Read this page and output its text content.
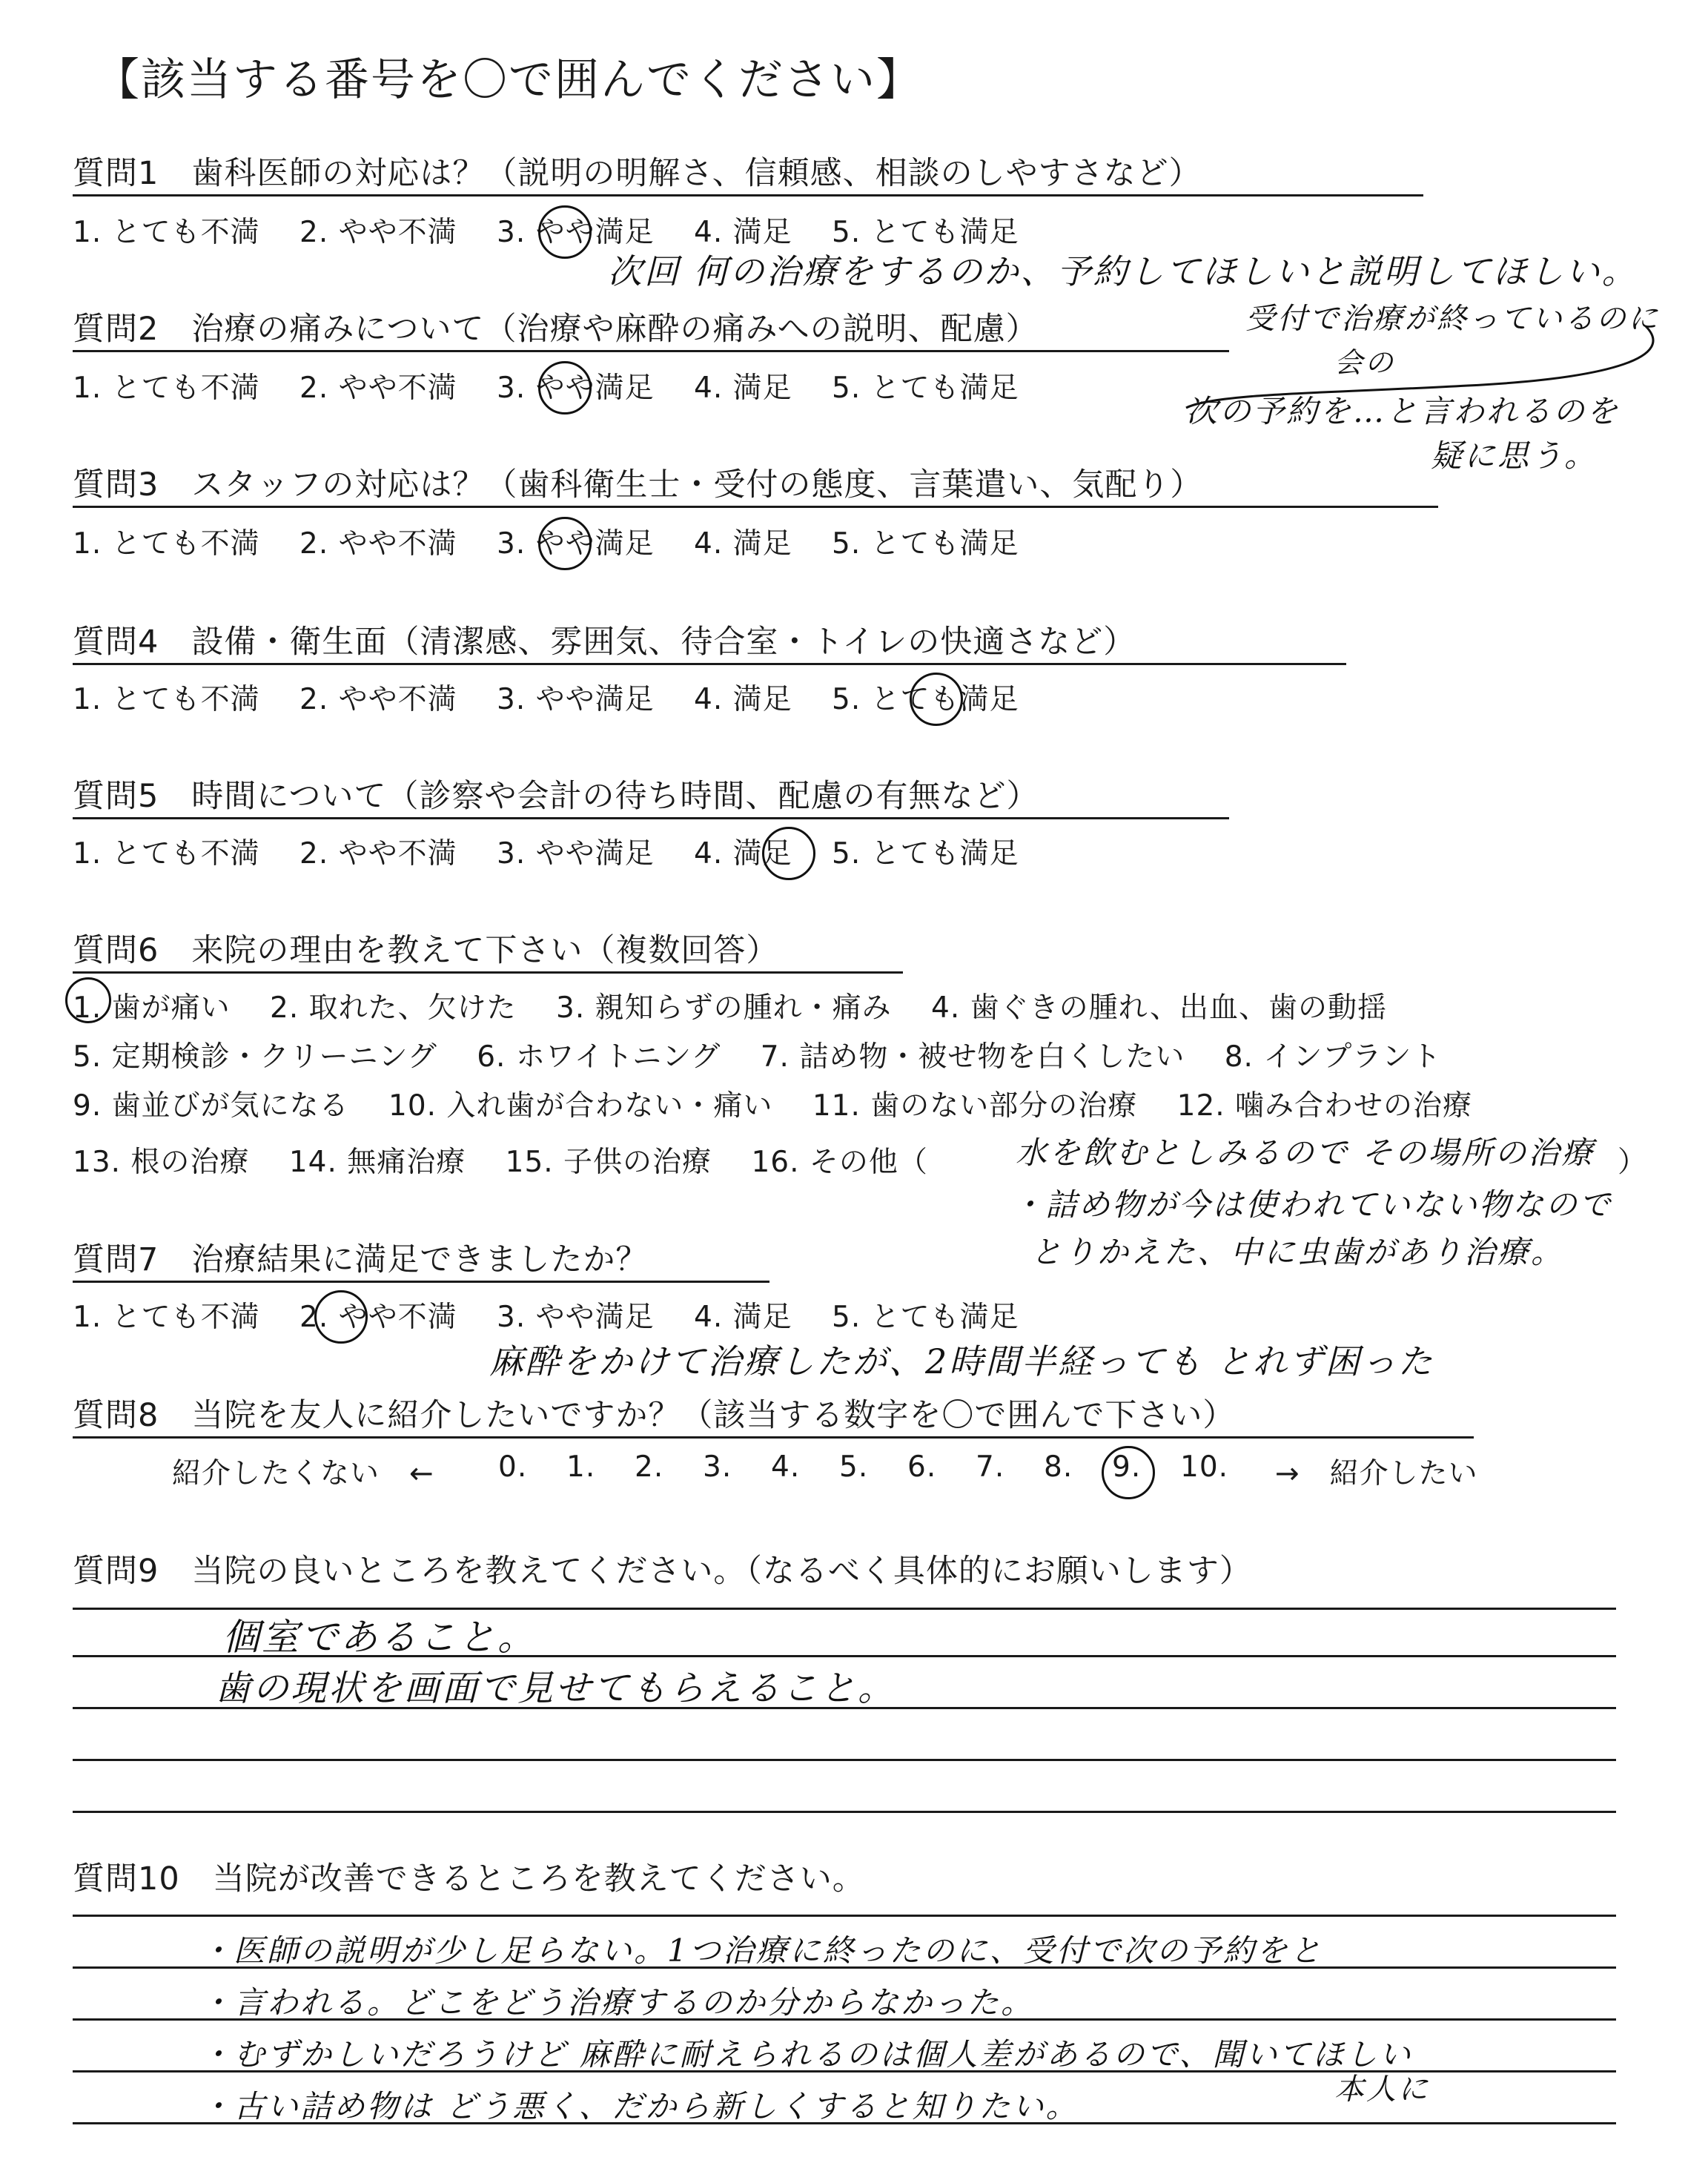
【該当する番号を〇で囲んでください】
質問1　歯科医師の対応は？（説明の明解さ、信頼感、相談のしやすさなど）
1. とても不満　 2. やや不満　 3. やや満足　 4. 満足　 5. とても満足
次回 何の治療をするのか、予約してほしいと説明してほしい。
質問2　治療の痛みについて（治療や麻酔の痛みへの説明、配慮）
1. とても不満　 2. やや不満　 3. やや満足　 4. 満足　 5. とても満足
受付で治療が終っているのに
会の
次の予約を…と言われるのを
疑に思う。
質問3　スタッフの対応は？（歯科衛生士・受付の態度、言葉遣い、気配り）
1. とても不満　 2. やや不満　 3. やや満足　 4. 満足　 5. とても満足
質問4　設備・衛生面（清潔感、雰囲気、待合室・トイレの快適さなど）
1. とても不満　 2. やや不満　 3. やや満足　 4. 満足　 5. とても満足
質問5　時間について（診察や会計の待ち時間、配慮の有無など）
1. とても不満　 2. やや不満　 3. やや満足　 4. 満足　 5. とても満足
質問6　来院の理由を教えて下さい（複数回答）
1. 歯が痛い　 2. 取れた、欠けた　 3. 親知らずの腫れ・痛み　 4. 歯ぐきの腫れ、出血、歯の動揺
5. 定期検診・クリーニング　 6. ホワイトニング　 7. 詰め物・被せ物を白くしたい　 8. インプラント
9. 歯並びが気になる　 10. 入れ歯が合わない・痛い　 11. 歯のない部分の治療　 12. 噛み合わせの治療
13. 根の治療　 14. 無痛治療　 15. 子供の治療　 16. その他（	）
水を飲むとしみるので その場所の治療
・詰め物が今は使われていない物なので
とりかえた、中に虫歯があり治療。
質問7　治療結果に満足できましたか？
1. とても不満　 2. やや不満　 3. やや満足　 4. 満足　 5. とても満足
麻酔をかけて治療したが、2時間半経っても とれず困った
質問8　当院を友人に紹介したいですか？（該当する数字を〇で囲んで下さい）
紹介したくない　← 0. 1. 2. 3. 4. 5. 6. 7. 8. 9. 10. →　紹介したい
質問9　当院の良いところを教えてください。（なるべく具体的にお願いします）
個室であること。
歯の現状を画面で見せてもらえること。
質問10　当院が改善できるところを教えてください。
・医師の説明が少し足らない。1つ治療に終ったのに、受付で次の予約をと
・言われる。どこをどう治療するのか分からなかった。
・むずかしいだろうけど 麻酔に耐えられるのは個人差があるので、聞いてほしい
・古い詰め物は どう悪く、だから新しくすると知りたい。	本人に
